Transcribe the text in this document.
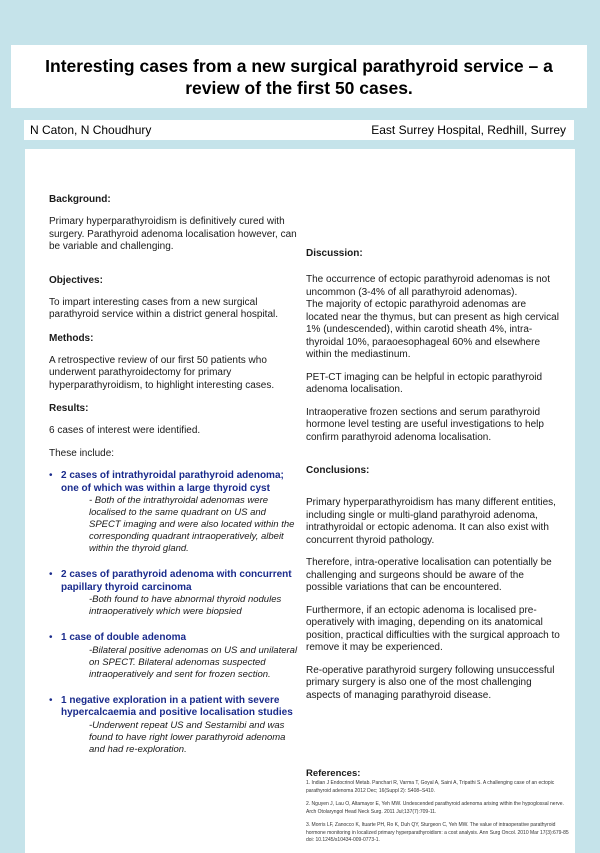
Interesting cases from a new surgical parathyroid service – a review of the first 50 cases.
N Caton, N Choudhury	East Surrey Hospital, Redhill, Surrey

Background:

Primary hyperparathyroidism is definitively cured with surgery. Parathyroid adenoma localisation however, can be variable and challenging.

Objectives:

To impart interesting cases from a new surgical parathyroid service within a district general hospital.

Methods:

A retrospective review of our first 50 patients who underwent parathyroidectomy for primary hyperparathyroidism, to highlight interesting cases.

Results:

6 cases of interest were identified.

These include:

• 2 cases of intrathyroidal parathyroid adenoma; one of which was within a large thyroid cyst

- Both of the intrathyroidal adenomas were localised to the same quadrant on US and SPECT imaging and were also located within the corresponding quadrant intraoperatively, albeit within the thyroid gland.

• 2 cases of parathyroid adenoma with concurrent papillary thyroid carcinoma

-Both found to have abnormal thyroid nodules intraoperatively which were biopsied

• 1 case of double adenoma

-Bilateral positive adenomas on US and unilateral on SPECT. Bilateral adenomas suspected intraoperatively and sent for frozen section.

• 1 negative exploration in a patient with severe hypercalcaemia and positive localisation studies

-Underwent repeat US and Sestamibi and was found to have right lower parathyroid adenoma and had re-exploration.

Discussion:

The occurrence of ectopic parathyroid adenomas is not uncommon (3-4% of all parathyroid adenomas).

The majority of ectopic parathyroid adenomas are located near the thymus, but can present as high cervical 1% (undescended), within carotid sheath 4%, intra-thyroidal 10%, paraoesophageal 60% and elsewhere within the mediastinum.

PET-CT imaging can be helpful in ectopic parathyroid adenoma localisation.

Intraoperative frozen sections and serum parathyroid hormone level testing are useful investigations to help confirm parathyroid adenoma localisation.

Conclusions:

Primary hyperparathyroidism has many different entities, including single or multi-gland parathyroid adenoma, intrathyroidal or ectopic adenoma. It can also exist with concurrent thyroid pathology.

Therefore, intra-operative localisation can potentially be challenging and surgeons should be aware of the possible variations that can be encountered.

Furthermore, if an ectopic adenoma is localised pre-operatively with imaging, depending on its anatomical position, practical difficulties with the surgical approach to remove it may be experienced.

Re-operative parathyroid surgery following unsuccessful primary surgery is also one of the most challenging aspects of managing parathyroid disease.

References:

1. Indian J Endocrinol Metab. Panchari R, Varma T, Goyal A, Saini A, Tripathi S. A challenging case of an ectopic parathyroid adenoma 2012 Dec; 16(Suppl 2): S408–S410.

2. Nguyen J, Lau O, Altamayor E, Yeh MW. Undescended parathyroid adenoma arising within the hypoglossal nerve. Arch Otolaryngol Head Neck Surg. 2011 Jul;137(7):709-11.

3. Morris LF, Zanocco K, Ituarte PH, Ro K, Duh QY, Sturgeon C, Yeh MW. The value of intraoperative parathyroid hormone monitoring in localized primary hyperparathyroidism: a cost analysis. Ann Surg Oncol. 2010 Mar 17(3):679-85 doi: 10.1245/s10434-009-0773-1.
